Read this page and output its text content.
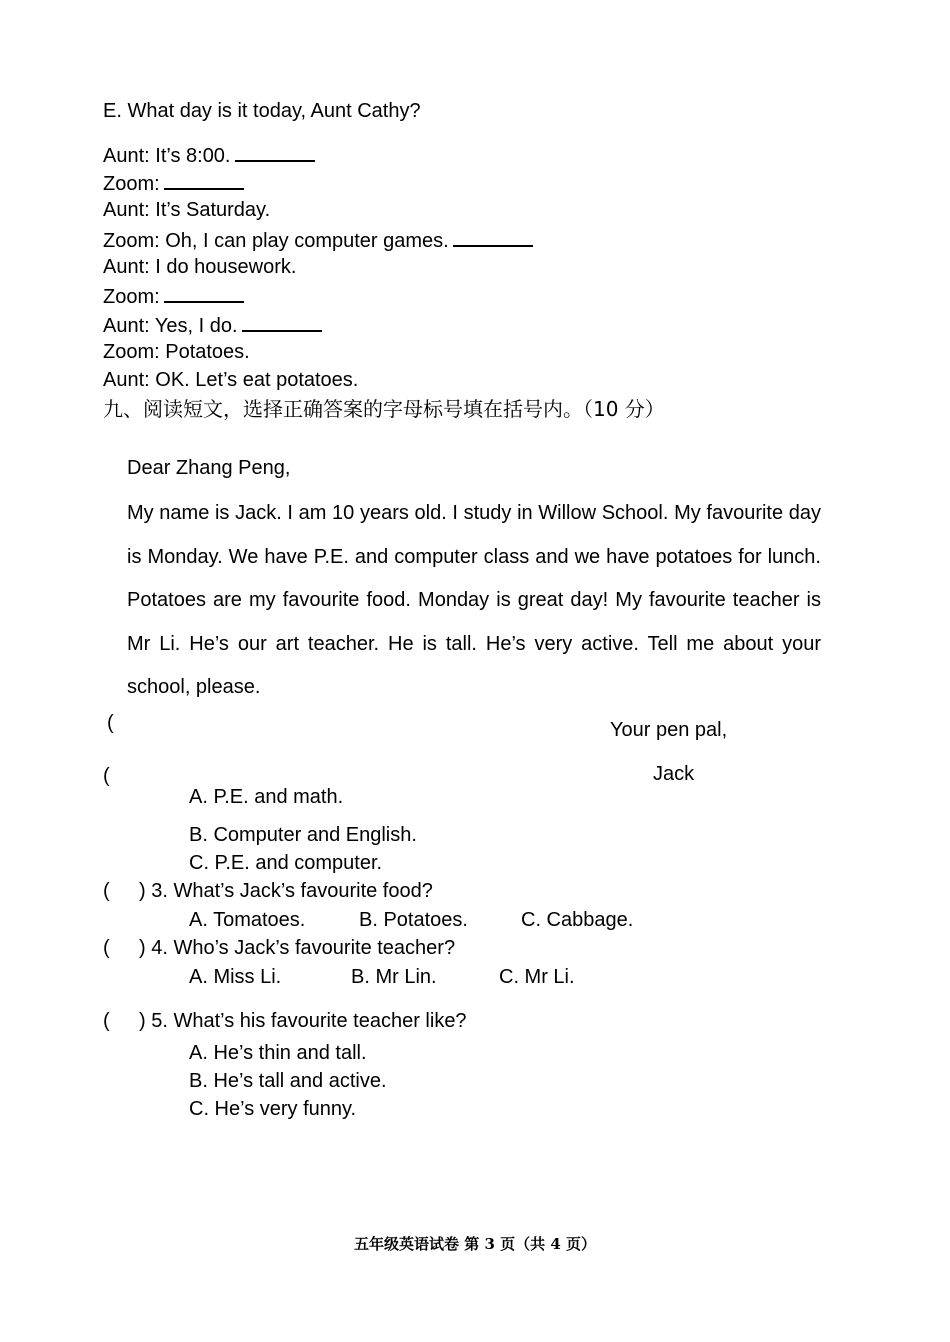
E. What day is it today, Aunt Cathy?
Aunt: It’s 8:00.
Zoom:
Aunt: It’s Saturday.
Zoom: Oh, I can play computer games.
Aunt: I do housework.
Zoom:
Aunt: Yes, I do.
Zoom: Potatoes.
Aunt: OK. Let’s eat potatoes.
九、阅读短文，选择正确答案的字母标号填在括号内。（10 分）
Dear Zhang Peng,
My name is Jack. I am 10 years old. I study in Willow School. My favourite day is Monday. We have P.E. and computer class and we have potatoes for lunch. Potatoes are my favourite food. Monday is great day! My favourite teacher is Mr Li. He’s our art teacher. He is tall. He’s very active. Tell me about your school, please.
(	Your pen pal,
(	Jack
A. P.E. and math.
B. Computer and English.
C. P.E. and computer.
( ) 3. What’s Jack’s favourite food?
A. Tomatoes.	B. Potatoes.	C. Cabbage.
( ) 4. Who’s Jack’s favourite teacher?
A. Miss Li.	B. Mr Lin.	C. Mr Li.
( ) 5. What’s his favourite teacher like?
A. He’s thin and tall.
B. He’s tall and active.
C. He’s very funny.
五年级英语试卷 第 3 页（共 4 页）
